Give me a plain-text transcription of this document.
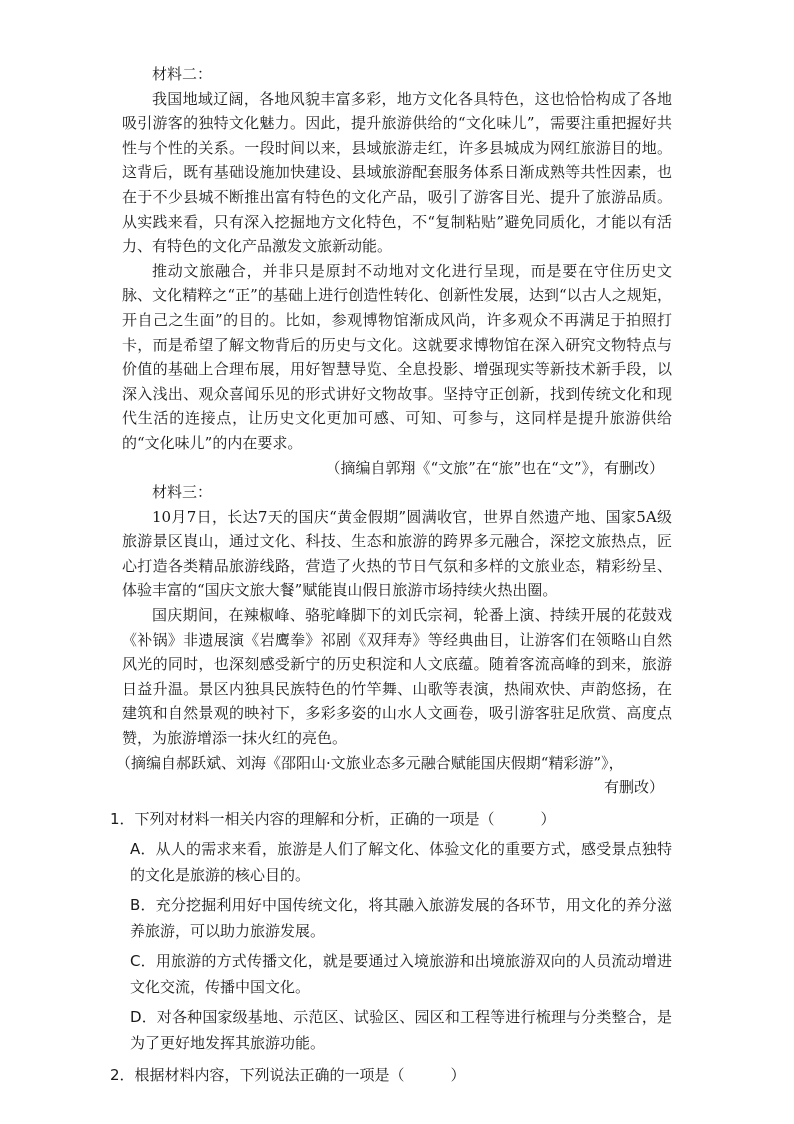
材料二：

我国地域辽阔，各地风貌丰富多彩，地方文化各具特色，这也恰恰构成了各地吸引游客的独特文化魅力。因此，提升旅游供给的“文化味儿”，需要注重把握好共性与个性的关系。一段时间以来，县域旅游走红，许多县城成为网红旅游目的地。这背后，既有基础设施加快建设、县域旅游配套服务体系日渐成熟等共性因素，也在于不少县城不断推出富有特色的文化产品，吸引了游客目光、提升了旅游品质。从实践来看，只有深入挖掘地方文化特色，不“复制粘贴”避免同质化，才能以有活力、有特色的文化产品激发文旅新动能。

推动文旅融合，并非只是原封不动地对文化进行呈现，而是要在守住历史文脉、文化精粹之“正”的基础上进行创造性转化、创新性发展，达到“以古人之规矩，开自己之生面”的目的。比如，参观博物馆渐成风尚，许多观众不再满足于拍照打卡，而是希望了解文物背后的历史与文化。这就要求博物馆在深入研究文物特点与价值的基础上合理布展，用好智慧导览、全息投影、增强现实等新技术新手段，以深入浅出、观众喜闻乐见的形式讲好文物故事。坚持守正创新，找到传统文化和现代生活的连接点，让历史文化更加可感、可知、可参与，这同样是提升旅游供给的“文化味儿”的内在要求。

（摘编自郭翔《“文旅”在“旅”也在“文”》，有删改）

材料三：

10月7日，长达7天的国庆“黄金假期”圆满收官，世界自然遗产地、国家5A级旅游景区崀山，通过文化、科技、生态和旅游的跨界多元融合，深挖文旅热点，匠心打造各类精品旅游线路，营造了火热的节日气氛和多样的文旅业态，精彩纷呈、体验丰富的“国庆文旅大餐”赋能崀山假日旅游市场持续火热出圈。

国庆期间，在辣椒峰、骆驼峰脚下的刘氏宗祠，轮番上演、持续开展的花鼓戏《补锅》非遗展演《岩鹰拳》祁剧《双拜寿》等经典曲目，让游客们在领略山自然风光的同时，也深刻感受新宁的历史积淀和人文底蕴。随着客流高峰的到来，旅游日益升温。景区内独具民族特色的竹竿舞、山歌等表演，热闹欢快、声韵悠扬，在建筑和自然景观的映衬下，多彩多姿的山水人文画卷，吸引游客驻足欣赏、高度点赞，为旅游增添一抹火红的亮色。

（摘编自郝跃斌、刘海《邵阳山·文旅业态多元融合赋能国庆假期“精彩游”》，

有删改）

1．下列对材料一相关内容的理解和分析，正确的一项是（	）

A．从人的需求来看，旅游是人们了解文化、体验文化的重要方式，感受景点独特的文化是旅游的核心目的。

B．充分挖掘利用好中国传统文化，将其融入旅游发展的各环节，用文化的养分滋养旅游，可以助力旅游发展。

C．用旅游的方式传播文化，就是要通过入境旅游和出境旅游双向的人员流动增进文化交流，传播中国文化。

D．对各种国家级基地、示范区、试验区、园区和工程等进行梳理与分类整合，是为了更好地发挥其旅游功能。

2．根据材料内容，下列说法正确的一项是（	）
